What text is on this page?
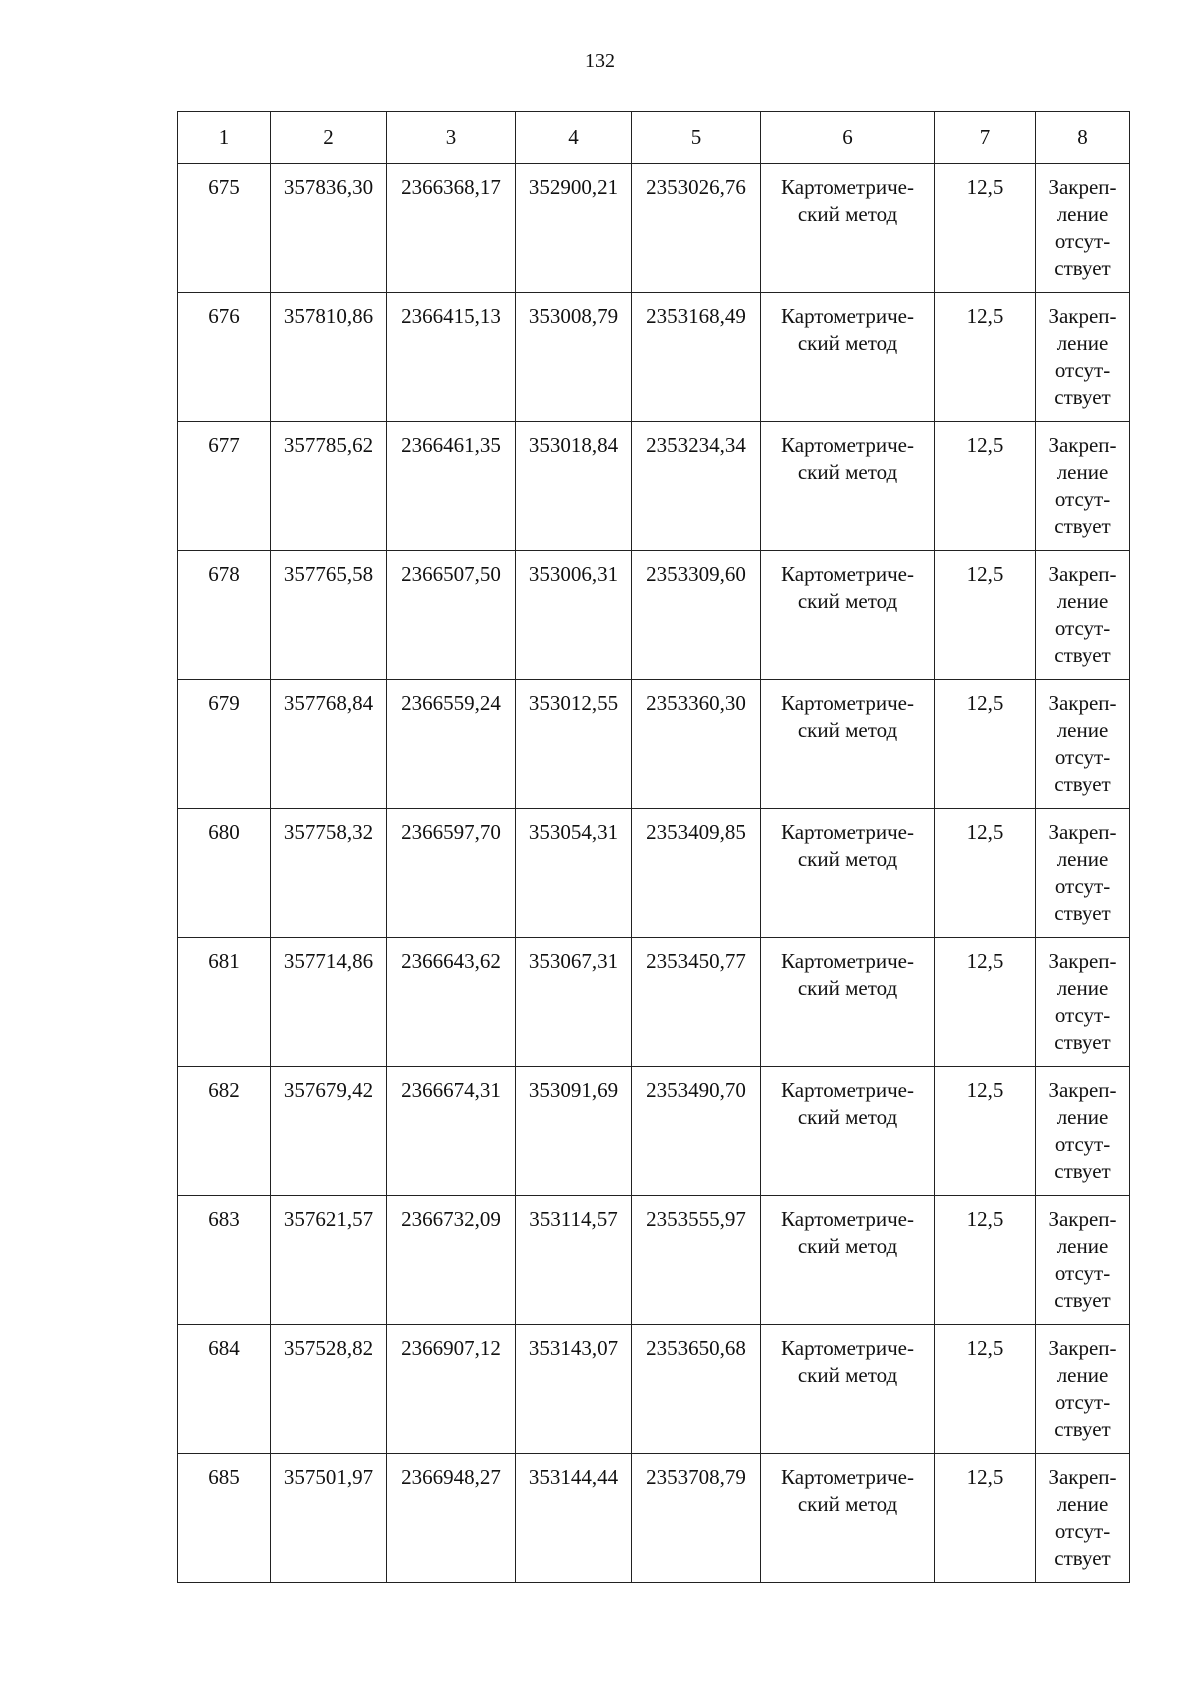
132
1	2	3	4	5	6	7	8
675	357836,30	2366368,17	352900,21	2353026,76	Картометриче-ский метод	12,5	Закреп-ление отсут-ствует
676	357810,86	2366415,13	353008,79	2353168,49	Картометриче-ский метод	12,5	Закреп-ление отсут-ствует
677	357785,62	2366461,35	353018,84	2353234,34	Картометриче-ский метод	12,5	Закреп-ление отсут-ствует
678	357765,58	2366507,50	353006,31	2353309,60	Картометриче-ский метод	12,5	Закреп-ление отсут-ствует
679	357768,84	2366559,24	353012,55	2353360,30	Картометриче-ский метод	12,5	Закреп-ление отсут-ствует
680	357758,32	2366597,70	353054,31	2353409,85	Картометриче-ский метод	12,5	Закреп-ление отсут-ствует
681	357714,86	2366643,62	353067,31	2353450,77	Картометриче-ский метод	12,5	Закреп-ление отсут-ствует
682	357679,42	2366674,31	353091,69	2353490,70	Картометриче-ский метод	12,5	Закреп-ление отсут-ствует
683	357621,57	2366732,09	353114,57	2353555,97	Картометриче-ский метод	12,5	Закреп-ление отсут-ствует
684	357528,82	2366907,12	353143,07	2353650,68	Картометриче-ский метод	12,5	Закреп-ление отсут-ствует
685	357501,97	2366948,27	353144,44	2353708,79	Картометриче-ский метод	12,5	Закреп-ление отсут-ствует
